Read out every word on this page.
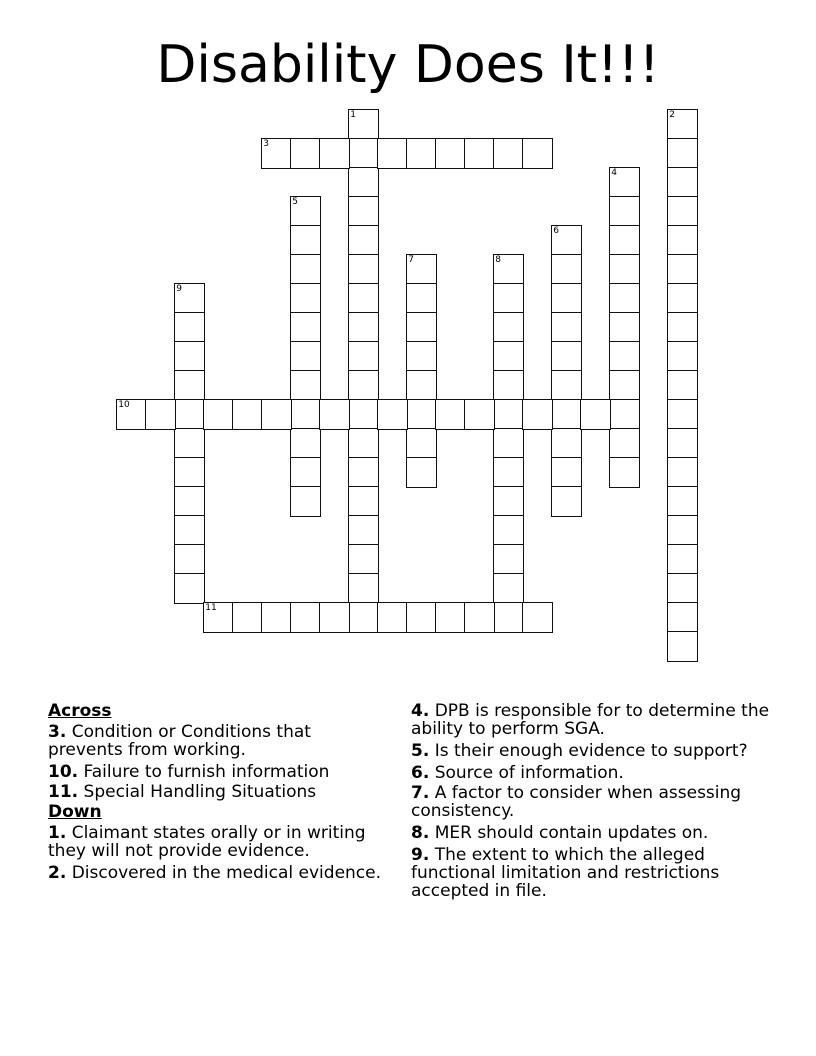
Disability Does It!!!
1	2
3
4
5
6
7	8
9
10
11
Across
3. Condition or Conditions that prevents from working.
10. Failure to furnish information
11. Special Handling Situations
Down
1. Claimant states orally or in writing they will not provide evidence.
2. Discovered in the medical evidence.
4. DPB is responsible for to determine the ability to perform SGA.
5. Is their enough evidence to support?
6. Source of information.
7. A factor to consider when assessing consistency.
8. MER should contain updates on.
9. The extent to which the alleged functional limitation and restrictions accepted in file.
